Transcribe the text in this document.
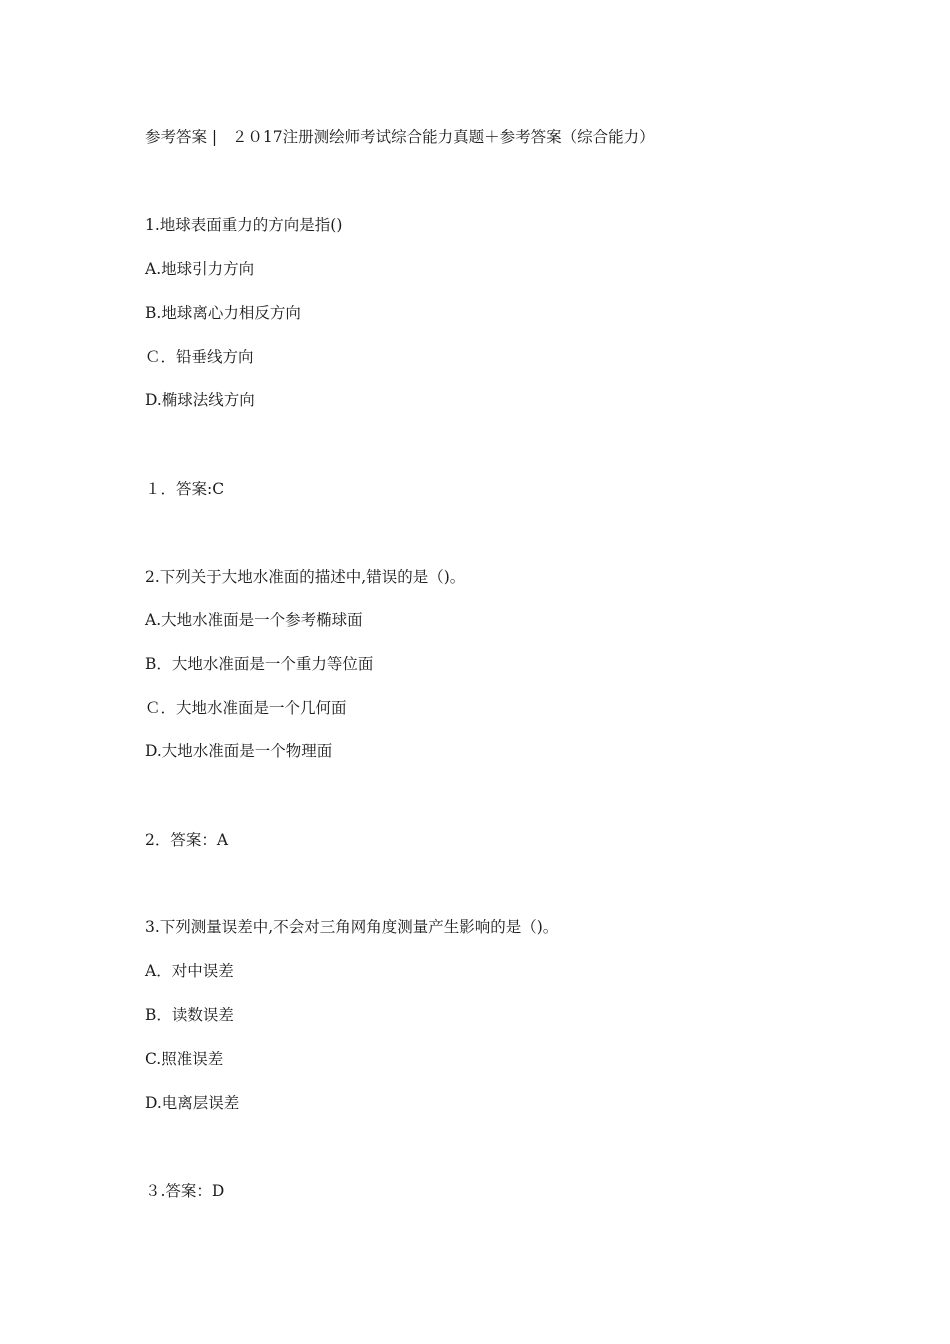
参考答案 |   ２０17注册测绘师考试综合能力真题＋参考答案（综合能力）
1.地球表面重力的方向是指()
A.地球引力方向
B.地球离心力相反方向
Ｃ．铅垂线方向
D.椭球法线方向
１．答案:C
2.下列关于大地水准面的描述中,错误的是（)。
A.大地水准面是一个参考椭球面
B．大地水准面是一个重力等位面
Ｃ．大地水准面是一个几何面
D.大地水准面是一个物理面
2．答案：A
3.下列测量误差中,不会对三角网角度测量产生影响的是（)。
A．对中误差
B．读数误差
C.照准误差
D.电离层误差
３.答案：D
